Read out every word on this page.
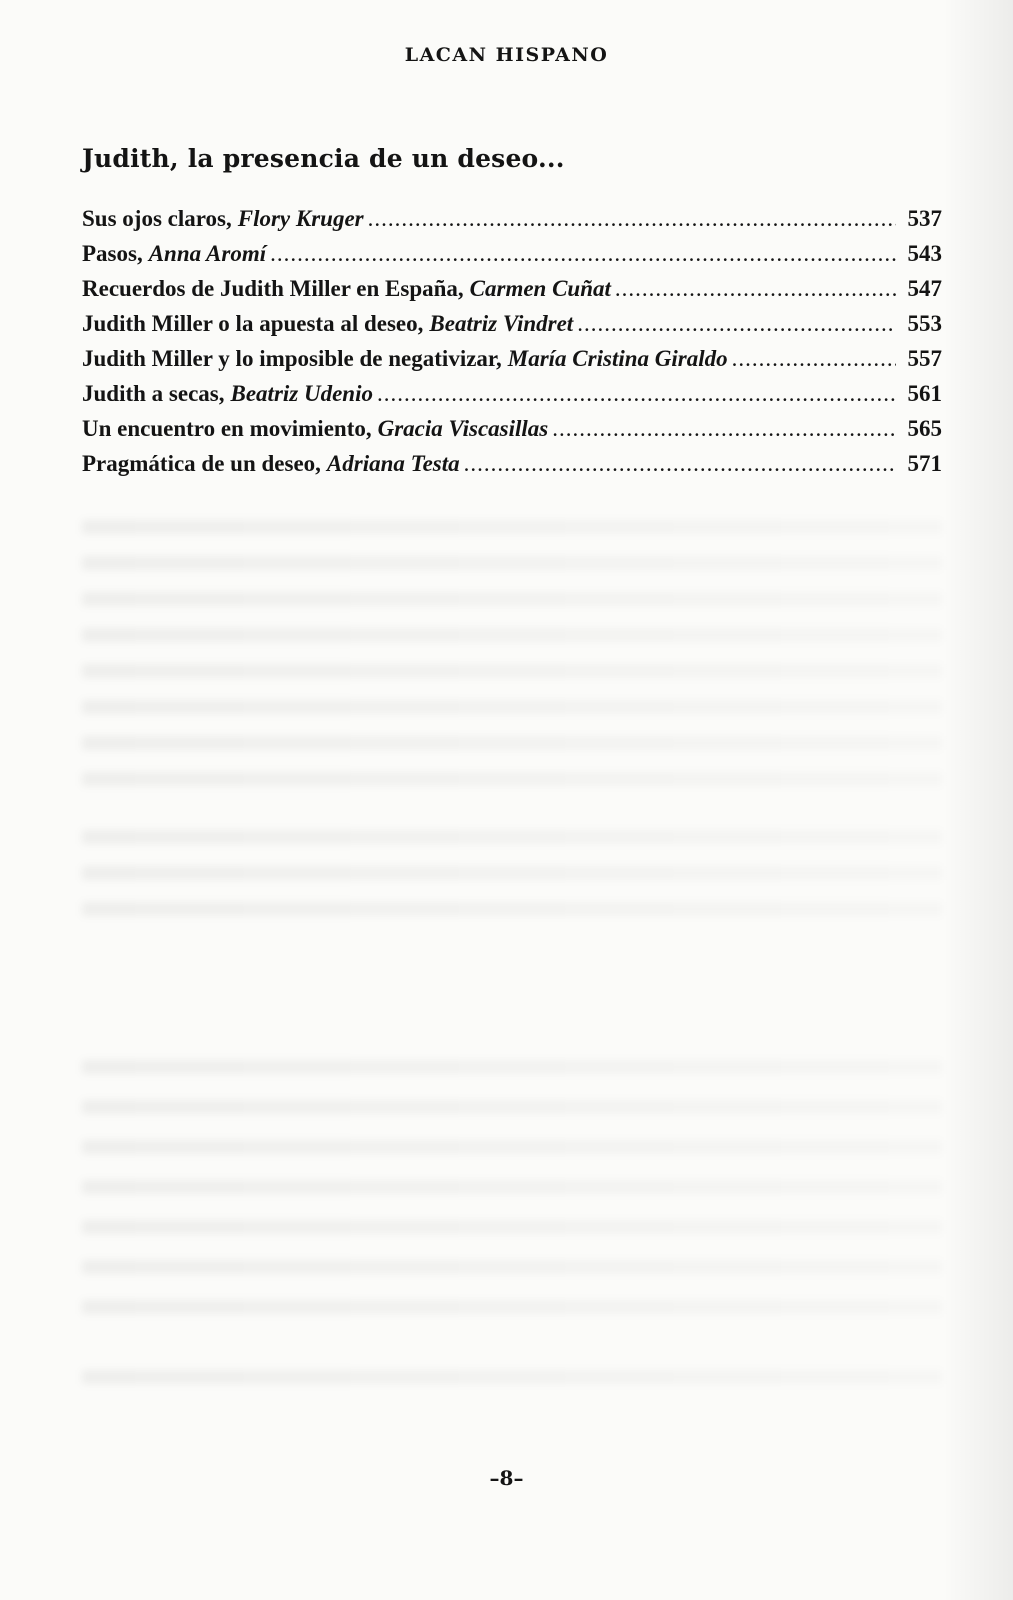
LACAN HISPANO
Judith, la presencia de un deseo...
Sus ojos claros, Flory Kruger .....	537
Pasos, Anna Aromí .....	543
Recuerdos de Judith Miller en España, Carmen Cuñat .....	547
Judith Miller o la apuesta al deseo, Beatriz Vindret .....	553
Judith Miller y lo imposible de negativizar, María Cristina Giraldo .....	557
Judith a secas, Beatriz Udenio .....	561
Un encuentro en movimiento, Gracia Viscasillas .....	565
Pragmática de un deseo, Adriana Testa .....	571
–8–
